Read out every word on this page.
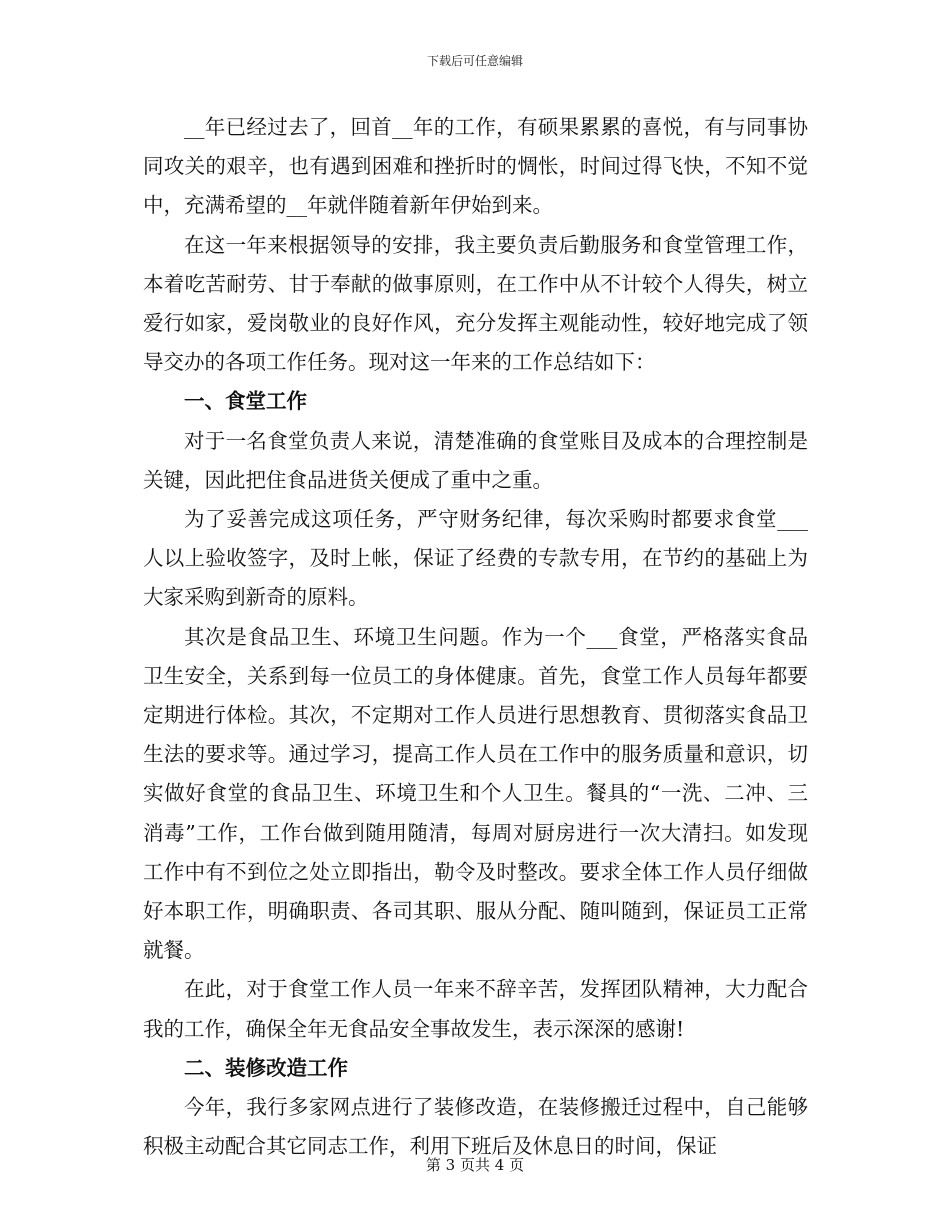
下载后可任意编辑

__年已经过去了，回首__年的工作，有硕果累累的喜悦，有与同事协同攻关的艰辛，也有遇到困难和挫折时的惆怅，时间过得飞快，不知不觉中，充满希望的__年就伴随着新年伊始到来。

在这一年来根据领导的安排，我主要负责后勤服务和食堂管理工作，本着吃苦耐劳、甘于奉献的做事原则，在工作中从不计较个人得失，树立爱行如家，爱岗敬业的良好作风，充分发挥主观能动性，较好地完成了领导交办的各项工作任务。现对这一年来的工作总结如下：

一、食堂工作

对于一名食堂负责人来说，清楚准确的食堂账目及成本的合理控制是关键，因此把住食品进货关便成了重中之重。

为了妥善完成这项任务，严守财务纪律，每次采购时都要求食堂___人以上验收签字，及时上帐，保证了经费的专款专用，在节约的基础上为大家采购到新奇的原料。

其次是食品卫生、环境卫生问题。作为一个___食堂，严格落实食品卫生安全，关系到每一位员工的身体健康。首先，食堂工作人员每年都要定期进行体检。其次，不定期对工作人员进行思想教育、贯彻落实食品卫生法的要求等。通过学习，提高工作人员在工作中的服务质量和意识，切实做好食堂的食品卫生、环境卫生和个人卫生。餐具的“一洗、二冲、三消毒”工作，工作台做到随用随清，每周对厨房进行一次大清扫。如发现工作中有不到位之处立即指出，勒令及时整改。要求全体工作人员仔细做好本职工作，明确职责、各司其职、服从分配、随叫随到，保证员工正常就餐。

在此，对于食堂工作人员一年来不辞辛苦，发挥团队精神，大力配合我的工作，确保全年无食品安全事故发生，表示深深的感谢!

二、装修改造工作

今年，我行多家网点进行了装修改造，在装修搬迁过程中，自己能够积极主动配合其它同志工作，利用下班后及休息日的时间，保证

第 3 页共 4 页
